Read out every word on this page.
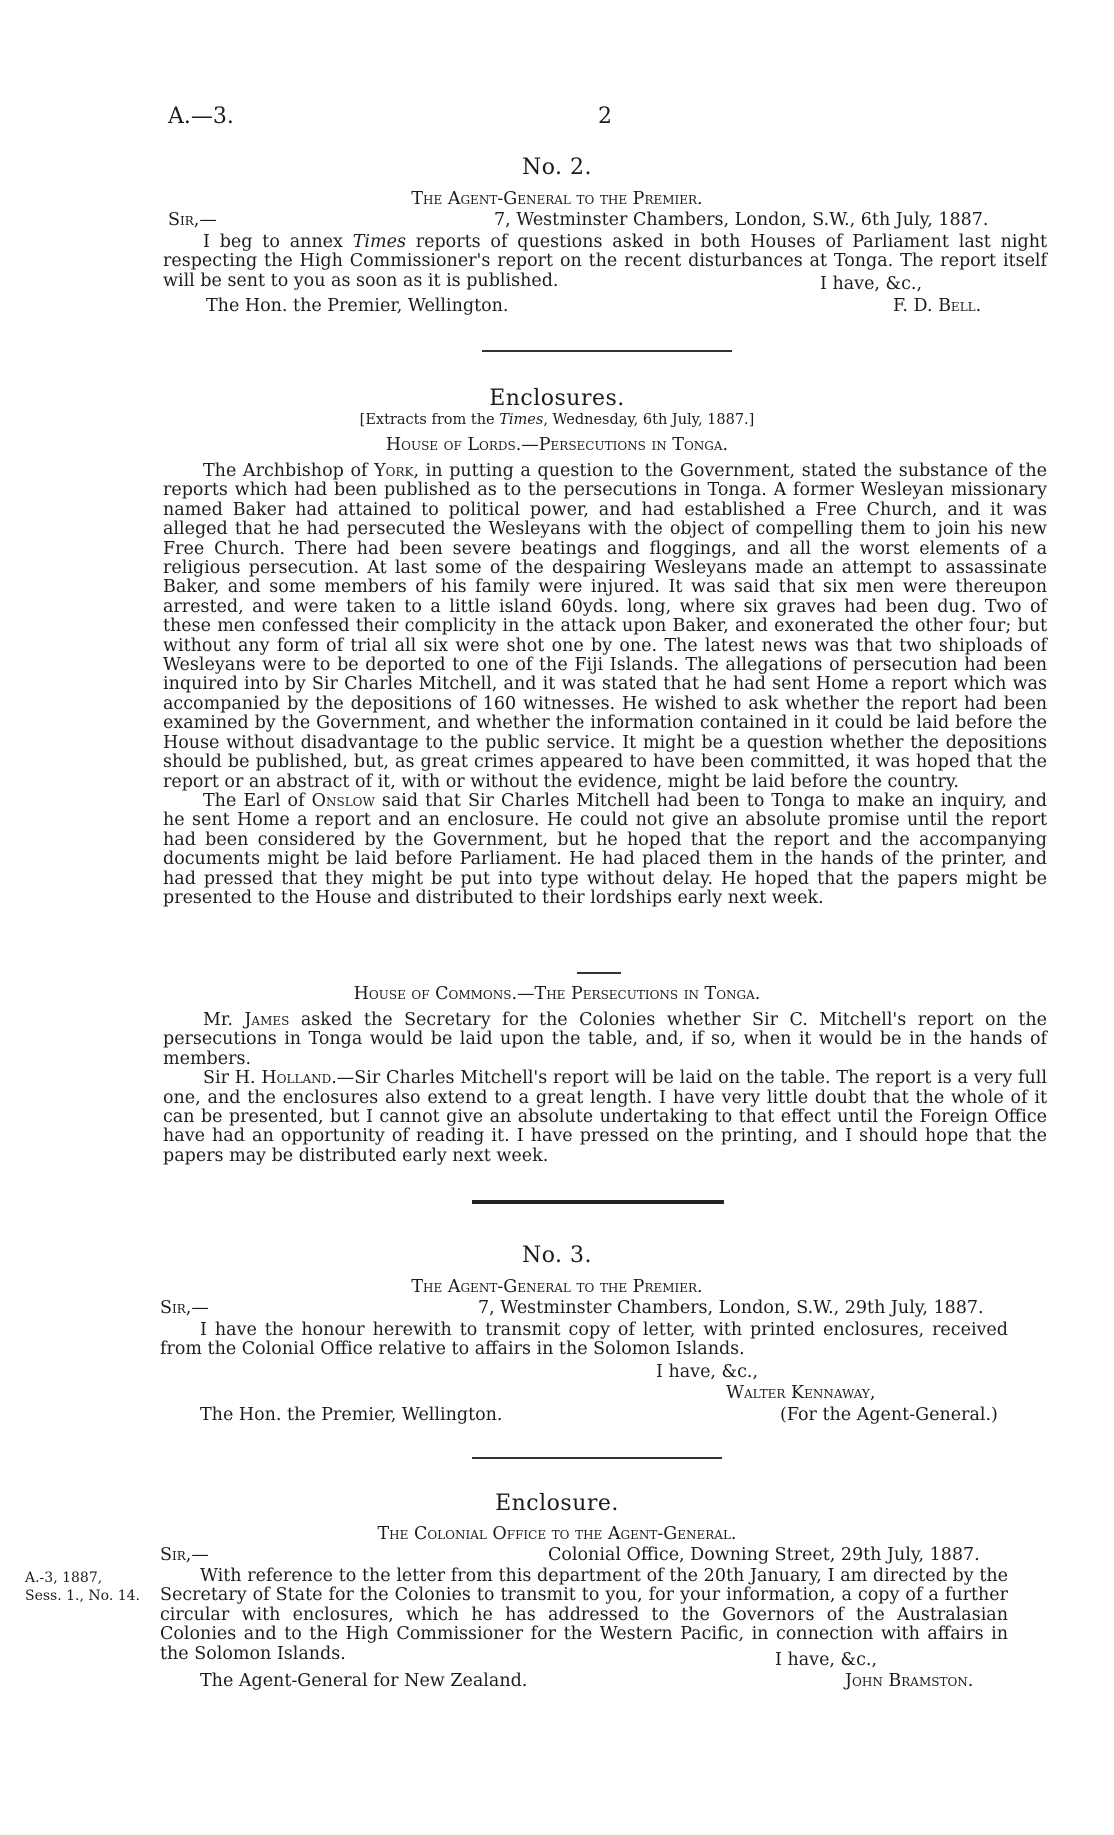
A.—3.	2
No. 2.
The Agent-General to the Premier.
Sir,—	7, Westminster Chambers, London, S.W., 6th July, 1887.

I beg to annex Times reports of questions asked in both Houses of Parliament last night respecting the High Commissioner's report on the recent disturbances at Tonga. The report itself will be sent to you as soon as it is published.	I have, &c.,
The Hon. the Premier, Wellington.	F. D. Bell.
Enclosures.
[Extracts from the Times, Wednesday, 6th July, 1887.]
House of Lords.—Persecutions in Tonga.

The Archbishop of York, in putting a question to the Government, stated the substance of the reports which had been published as to the persecutions in Tonga. A former Wesleyan missionary named Baker had attained to political power, and had established a Free Church, and it was alleged that he had persecuted the Wesleyans with the object of compelling them to join his new Free Church. There had been severe beatings and floggings, and all the worst elements of a religious persecution. At last some of the despairing Wesleyans made an attempt to assassinate Baker, and some members of his family were injured. It was said that six men were thereupon arrested, and were taken to a little island 60yds. long, where six graves had been dug. Two of these men confessed their complicity in the attack upon Baker, and exonerated the other four; but without any form of trial all six were shot one by one. The latest news was that two shiploads of Wesleyans were to be deported to one of the Fiji Islands. The allegations of persecution had been inquired into by Sir Charles Mitchell, and it was stated that he had sent Home a report which was accompanied by the depositions of 160 witnesses. He wished to ask whether the report had been examined by the Government, and whether the information contained in it could be laid before the House without disadvantage to the public service. It might be a question whether the depositions should be published, but, as great crimes appeared to have been committed, it was hoped that the report or an abstract of it, with or without the evidence, might be laid before the country.

The Earl of Onslow said that Sir Charles Mitchell had been to Tonga to make an inquiry, and he sent Home a report and an enclosure. He could not give an absolute promise until the report had been considered by the Government, but he hoped that the report and the accompanying documents might be laid before Parliament. He had placed them in the hands of the printer, and had pressed that they might be put into type without delay. He hoped that the papers might be presented to the House and distributed to their lordships early next week.

House of Commons.—The Persecutions in Tonga.

Mr. James asked the Secretary for the Colonies whether Sir C. Mitchell's report on the persecutions in Tonga would be laid upon the table, and, if so, when it would be in the hands of members.

Sir H. Holland.—Sir Charles Mitchell's report will be laid on the table. The report is a very full one, and the enclosures also extend to a great length. I have very little doubt that the whole of it can be presented, but I cannot give an absolute undertaking to that effect until the Foreign Office have had an opportunity of reading it. I have pressed on the printing, and I should hope that the papers may be distributed early next week.

No. 3.
The Agent-General to the Premier.
Sir,—	7, Westminster Chambers, London, S.W., 29th July, 1887.

I have the honour herewith to transmit copy of letter, with printed enclosures, received from the Colonial Office relative to affairs in the Solomon Islands.

I have, &c.,
Walter Kennaway,
The Hon. the Premier, Wellington.	(For the Agent-General.)
Enclosure.
The Colonial Office to the Agent-General.
Sir,—	Colonial Office, Downing Street, 29th July, 1887.
A.-3, 1887,
Sess. 1., No. 14.

With reference to the letter from this department of the 20th January, I am directed by the Secretary of State for the Colonies to transmit to you, for your information, a copy of a further circular with enclosures, which he has addressed to the Governors of the Australasian Colonies and to the High Commissioner for the Western Pacific, in connection with affairs in the Solomon Islands.	I have, &c.,
The Agent-General for New Zealand.	John Bramston.
